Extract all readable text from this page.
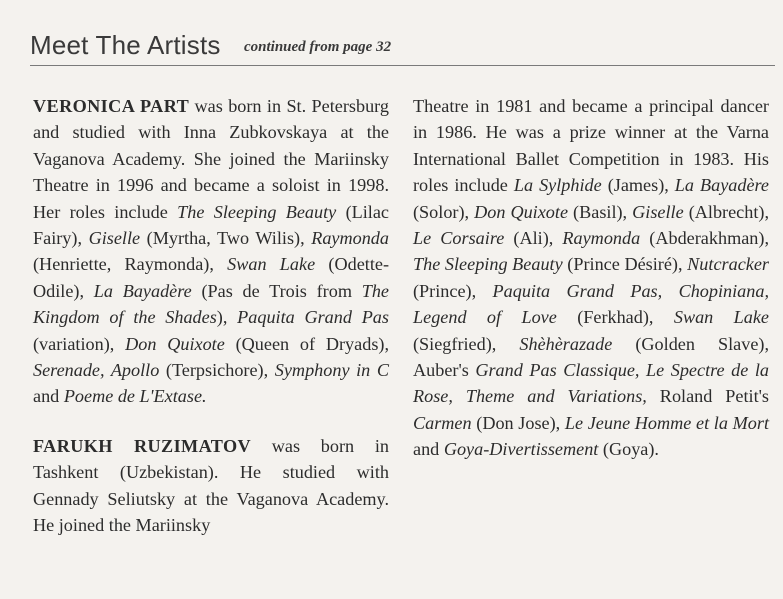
Meet The Artists continued from page 32

VERONICA PART was born in St. Petersburg and studied with Inna Zubkovskaya at the Vaganova Academy. She joined the Mariinsky Theatre in 1996 and became a soloist in 1998. Her roles include The Sleeping Beauty (Lilac Fairy), Giselle (Myrtha, Two Wilis), Raymonda (Henriette, Raymonda), Swan Lake (Odette-Odile), La Bayadère (Pas de Trois from The Kingdom of the Shades), Paquita Grand Pas (variation), Don Quixote (Queen of Dryads), Serenade, Apollo (Terpsichore), Symphony in C and Poeme de L'Extase.

FARUKH RUZIMATOV was born in Tashkent (Uzbekistan). He studied with Gennady Seliutsky at the Vaganova Academy. He joined the Mariinsky

Theatre in 1981 and became a principal dancer in 1986. He was a prize winner at the Varna International Ballet Competition in 1983. His roles include La Sylphide (James), La Bayadère (Solor), Don Quixote (Basil), Giselle (Albrecht), Le Corsaire (Ali), Raymonda (Abderakhman), The Sleeping Beauty (Prince Désiré), Nutcracker (Prince), Paquita Grand Pas, Chopiniana, Legend of Love (Ferkhad), Swan Lake (Siegfried), Shèhèrazade (Golden Slave), Auber's Grand Pas Classique, Le Spectre de la Rose, Theme and Variations, Roland Petit's Carmen (Don Jose), Le Jeune Homme et la Mort and Goya-Divertissement (Goya).
